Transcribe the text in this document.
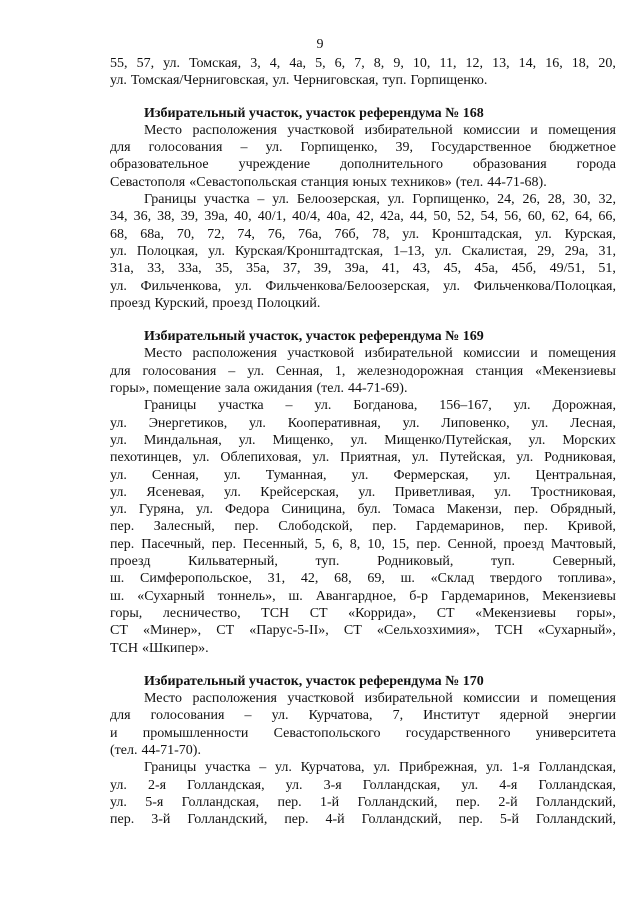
9
55, 57, ул. Томская, 3, 4, 4а, 5, 6, 7, 8, 9, 10, 11, 12, 13, 14, 16, 18, 20,
ул. Томская/Черниговская, ул. Черниговская, туп. Горпищенко.
Избирательный участок, участок референдума № 168
Место расположения участковой избирательной комиссии и помещения
для голосования – ул. Горпищенко, 39, Государственное бюджетное
образовательное учреждение дополнительного образования города
Севастополя «Севастопольская станция юных техников» (тел. 44-71-68).
Границы участка – ул. Белоозерская, ул. Горпищенко, 24, 26, 28, 30, 32,
34, 36, 38, 39, 39а, 40, 40/1, 40/4, 40а, 42, 42а, 44, 50, 52, 54, 56, 60, 62, 64, 66,
68, 68а, 70, 72, 74, 76, 76а, 76б, 78, ул. Кронштадская, ул. Курская,
ул. Полоцкая, ул. Курская/Кронштадтская, 1–13, ул. Скалистая, 29, 29а, 31,
31а, 33, 33а, 35, 35а, 37, 39, 39а, 41, 43, 45, 45а, 45б, 49/51, 51,
ул. Фильченкова, ул. Фильченкова/Белоозерская, ул. Фильченкова/Полоцкая,
проезд Курский, проезд Полоцкий.
Избирательный участок, участок референдума № 169
Место расположения участковой избирательной комиссии и помещения
для голосования – ул. Сенная, 1, железнодорожная станция «Мекензиевы
горы», помещение зала ожидания (тел. 44-71-69).
Границы участка – ул. Богданова, 156–167, ул. Дорожная,
ул. Энергетиков, ул. Кооперативная, ул. Липовенко, ул. Лесная,
ул. Миндальная, ул. Мищенко, ул. Мищенко/Путейская, ул. Морских
пехотинцев, ул. Облепиховая, ул. Приятная, ул. Путейская, ул. Родниковая,
ул. Сенная, ул. Туманная, ул. Фермерская, ул. Центральная,
ул. Ясеневая, ул. Крейсерская, ул. Приветливая, ул. Тростниковая,
ул. Гуряна, ул. Федора Синицина, бул. Томаса Макензи, пер. Обрядный,
пер. Залесный, пер. Слободской, пер. Гардемаринов, пер. Кривой,
пер. Пасечный, пер. Песенный, 5, 6, 8, 10, 15, пер. Сенной, проезд Мачтовый,
проезд	Кильватерный,	туп.	Родниковый,	туп.	Северный,
ш. Симферопольское, 31, 42, 68, 69, ш. «Склад твердого топлива»,
ш. «Сухарный тоннель», ш. Авангардное, б-р Гардемаринов, Мекензиевы
горы, лесничество, ТСН СТ «Коррида», СТ «Мекензиевы горы»,
СТ «Минер», СТ «Парус-5-II», СТ «Сельхозхимия», ТСН «Сухарный»,
ТСН «Шкипер».
Избирательный участок, участок референдума № 170
Место расположения участковой избирательной комиссии и помещения
для голосования – ул. Курчатова, 7, Институт ядерной энергии
и промышленности Севастопольского государственного университета
(тел. 44-71-70).
Границы участка – ул. Курчатова, ул. Прибрежная, ул. 1-я Голландская,
ул. 2-я Голландская, ул. 3-я Голландская, ул. 4-я Голландская,
ул. 5-я Голландская, пер. 1-й Голландский, пер. 2-й Голландский,
пер. 3-й Голландский, пер. 4-й Голландский, пер. 5-й Голландский,
